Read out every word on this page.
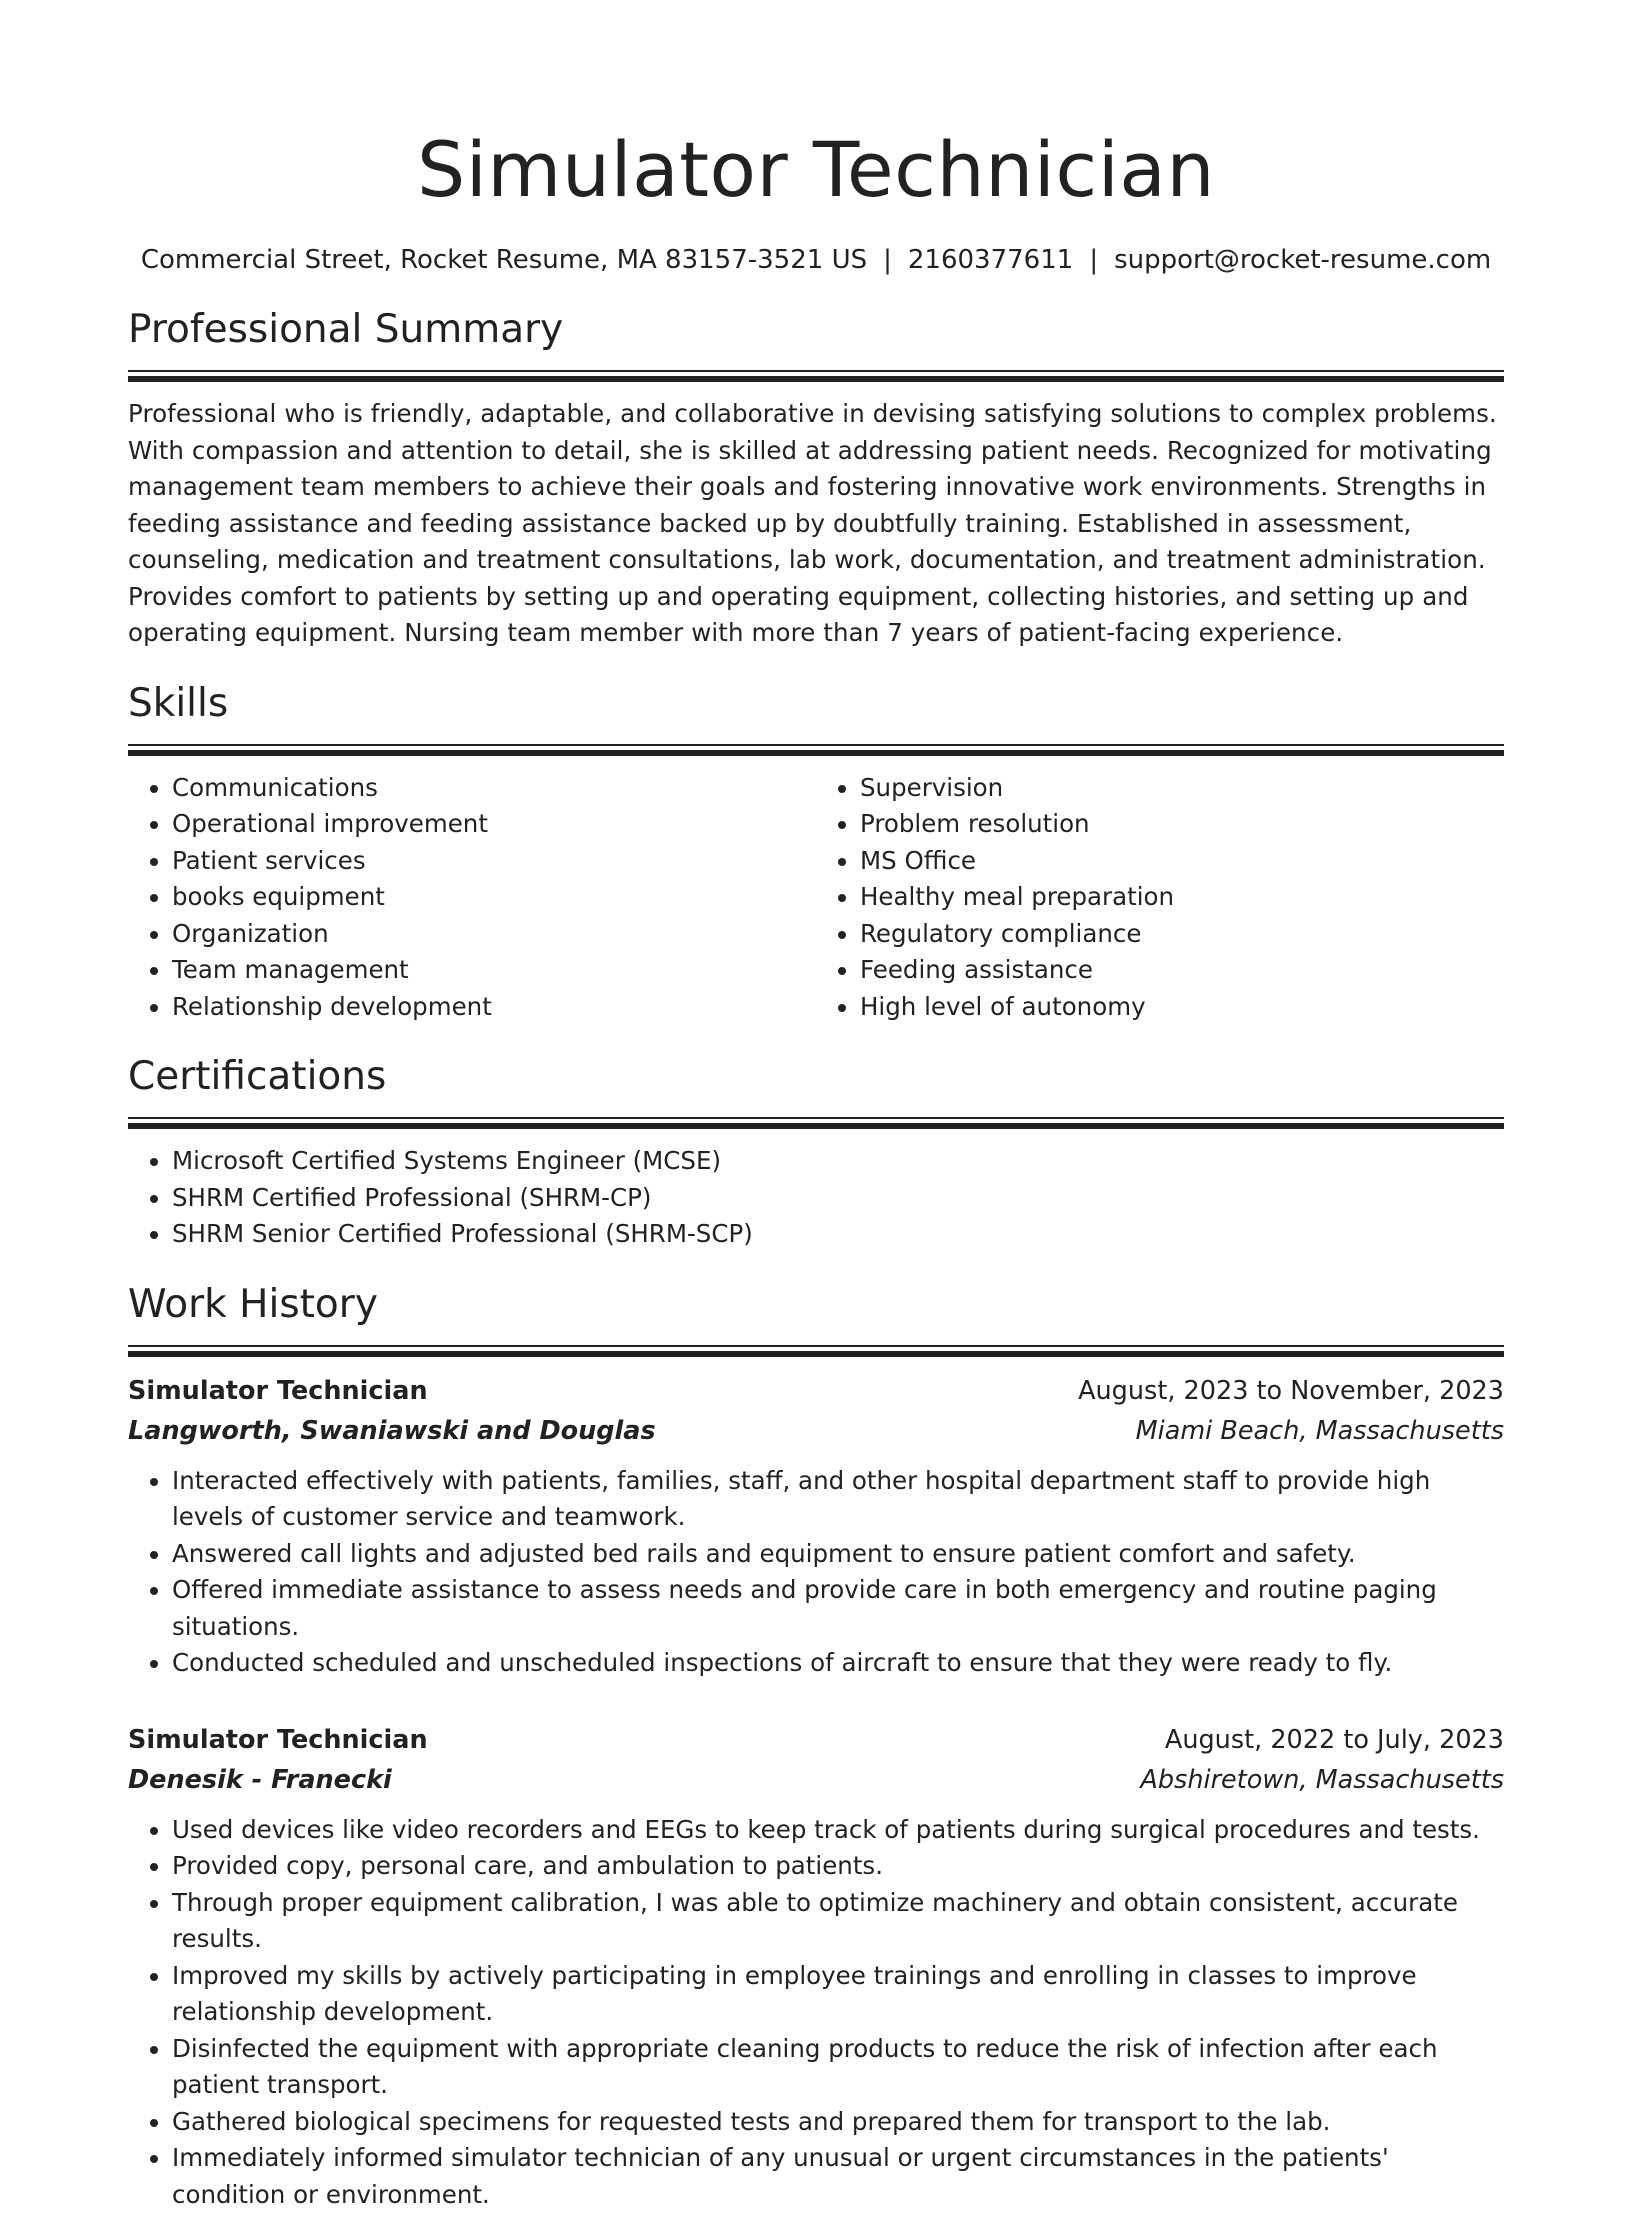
Simulator Technician
Commercial Street, Rocket Resume, MA 83157-3521 US | 2160377611 | support@rocket-resume.com
Professional Summary

Professional who is friendly, adaptable, and collaborative in devising satisfying solutions to complex problems. With compassion and attention to detail, she is skilled at addressing patient needs. Recognized for motivating management team members to achieve their goals and fostering innovative work environments. Strengths in feeding assistance and feeding assistance backed up by doubtfully training. Established in assessment, counseling, medication and treatment consultations, lab work, documentation, and treatment administration. Provides comfort to patients by setting up and operating equipment, collecting histories, and setting up and operating equipment. Nursing team member with more than 7 years of patient-facing experience.

Skills
• Communications
• Operational improvement
• Patient services
• books equipment
• Organization
• Team management
• Relationship development
• Supervision
• Problem resolution
• MS Office
• Healthy meal preparation
• Regulatory compliance
• Feeding assistance
• High level of autonomy
Certifications
• Microsoft Certified Systems Engineer (MCSE)
• SHRM Certified Professional (SHRM-CP)
• SHRM Senior Certified Professional (SHRM-SCP)
Work History
Simulator Technician	August, 2023 to November, 2023
Langworth, Swaniawski and Douglas	Miami Beach, Massachusetts
• Interacted effectively with patients, families, staff, and other hospital department staff to provide high levels of customer service and teamwork.
• Answered call lights and adjusted bed rails and equipment to ensure patient comfort and safety.
• Offered immediate assistance to assess needs and provide care in both emergency and routine paging situations.
• Conducted scheduled and unscheduled inspections of aircraft to ensure that they were ready to fly.
Simulator Technician	August, 2022 to July, 2023
Denesik - Franecki	Abshiretown, Massachusetts
• Used devices like video recorders and EEGs to keep track of patients during surgical procedures and tests.
• Provided copy, personal care, and ambulation to patients.
• Through proper equipment calibration, I was able to optimize machinery and obtain consistent, accurate results.
• Improved my skills by actively participating in employee trainings and enrolling in classes to improve relationship development.
• Disinfected the equipment with appropriate cleaning products to reduce the risk of infection after each patient transport.
• Gathered biological specimens for requested tests and prepared them for transport to the lab.
• Immediately informed simulator technician of any unusual or urgent circumstances in the patients' condition or environment.
